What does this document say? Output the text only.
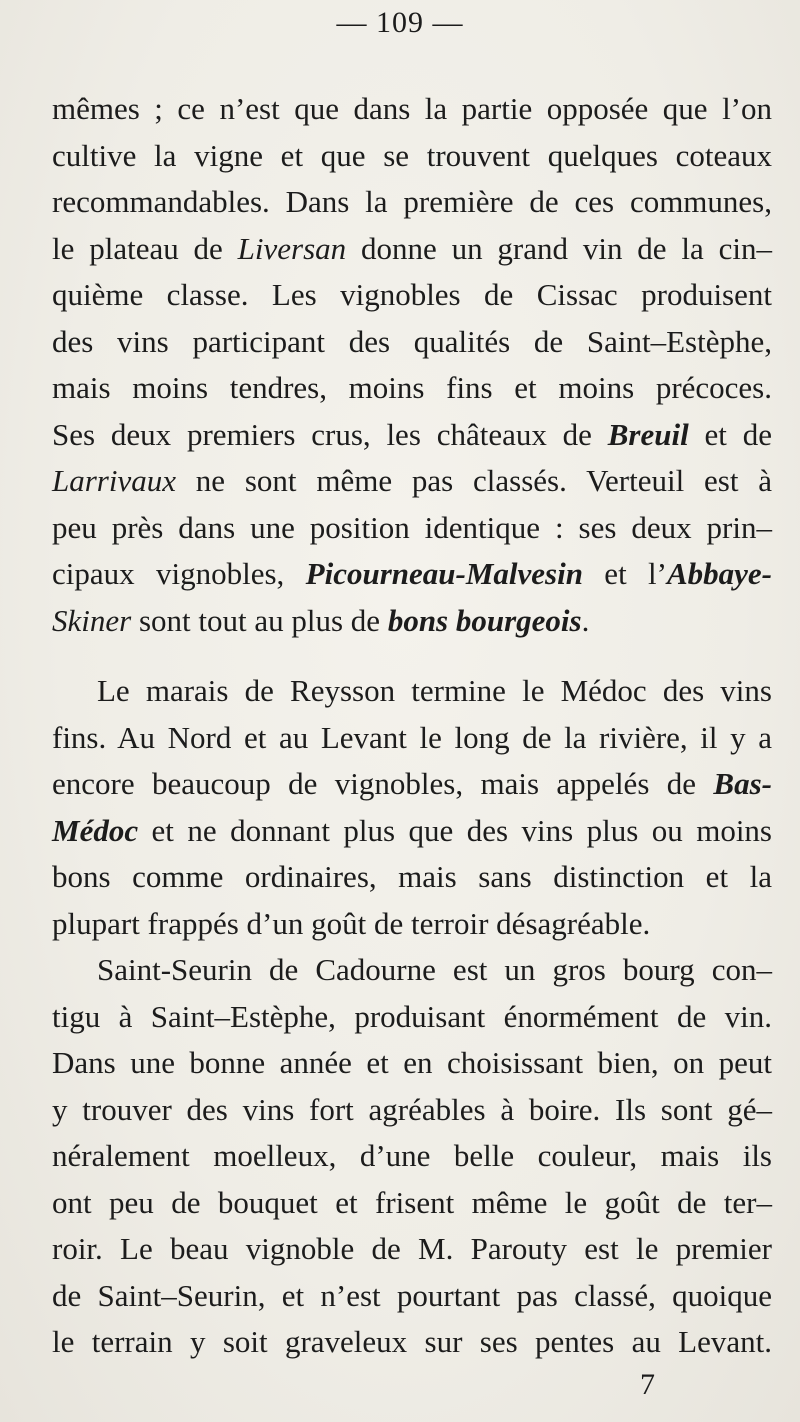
— 109 —
mêmes ; ce n’est que dans la partie opposée que l’on
cultive la vigne et que se trouvent quelques coteaux
recommandables. Dans la première de ces communes,
le plateau de Liversan donne un grand vin de la cin–
quième classe. Les vignobles de Cissac produisent
des vins participant des qualités de Saint–Estèphe,
mais moins tendres, moins fins et moins précoces.
Ses deux premiers crus, les châteaux de Breuil et de
Larrivaux ne sont même pas classés. Verteuil est à
peu près dans une position identique : ses deux prin–
cipaux vignobles, Picourneau-Malvesin et l’Abbaye-
Skiner sont tout au plus de bons bourgeois.
Le marais de Reysson termine le Médoc des vins
fins. Au Nord et au Levant le long de la rivière, il y a
encore beaucoup de vignobles, mais appelés de Bas-
Médoc et ne donnant plus que des vins plus ou moins
bons comme ordinaires, mais sans distinction et la
plupart frappés d’un goût de terroir désagréable.
Saint-Seurin de Cadourne est un gros bourg con–
tigu à Saint–Estèphe, produisant énormément de vin.
Dans une bonne année et en choisissant bien, on peut
y trouver des vins fort agréables à boire. Ils sont gé–
néralement moelleux, d’une belle couleur, mais ils
ont peu de bouquet et frisent même le goût de ter–
roir. Le beau vignoble de M. Parouty est le premier
de Saint–Seurin, et n’est pourtant pas classé, quoique
le terrain y soit graveleux sur ses pentes au Levant.
7
